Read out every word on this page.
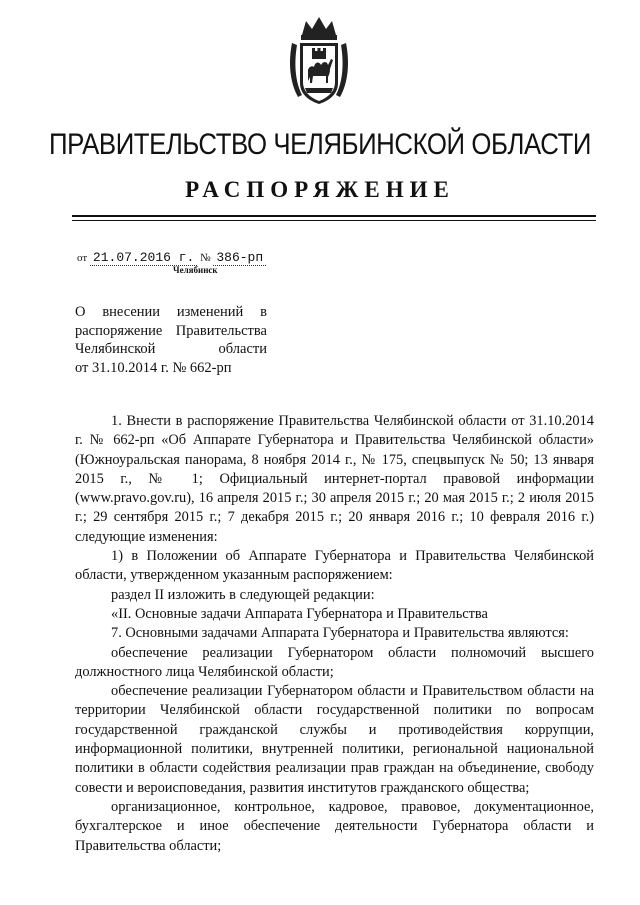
ПРАВИТЕЛЬСТВО ЧЕЛЯБИНСКОЙ ОБЛАСТИ
РАСПОРЯЖЕНИЕ
от 21.07.2016 г. № 386-рп
Челябинск
О внесении изменений в
распоряжение Правительства
Челябинской области
от 31.10.2014 г. № 662-рп

1. Внести в распоряжение Правительства Челябинской области от 31.10.2014 г. № 662-рп «Об Аппарате Губернатора и Правительства Челябинской области» (Южноуральская панорама, 8 ноября 2014 г., № 175, спецвыпуск № 50; 13 января 2015 г., № 1; Официальный интернет-портал правовой информации (www.pravo.gov.ru), 16 апреля 2015 г.; 30 апреля 2015 г.; 20 мая 2015 г.; 2 июля 2015 г.; 29 сентября 2015 г.; 7 декабря 2015 г.; 20 января 2016 г.; 10 февраля 2016 г.) следующие изменения:

1) в Положении об Аппарате Губернатора и Правительства Челябинской области, утвержденном указанным распоряжением:

раздел II изложить в следующей редакции:

«II. Основные задачи Аппарата Губернатора и Правительства

7. Основными задачами Аппарата Губернатора и Правительства являются:

обеспечение реализации Губернатором области полномочий высшего должностного лица Челябинской области;

обеспечение реализации Губернатором области и Правительством области на территории Челябинской области государственной политики по вопросам государственной гражданской службы и противодействия коррупции, информационной политики, внутренней политики, региональной национальной политики в области содействия реализации прав граждан на объединение, свободу совести и вероисповедания, развития институтов гражданского общества;

организационное, контрольное, кадровое, правовое, документационное, бухгалтерское и иное обеспечение деятельности Губернатора области и Правительства области;
